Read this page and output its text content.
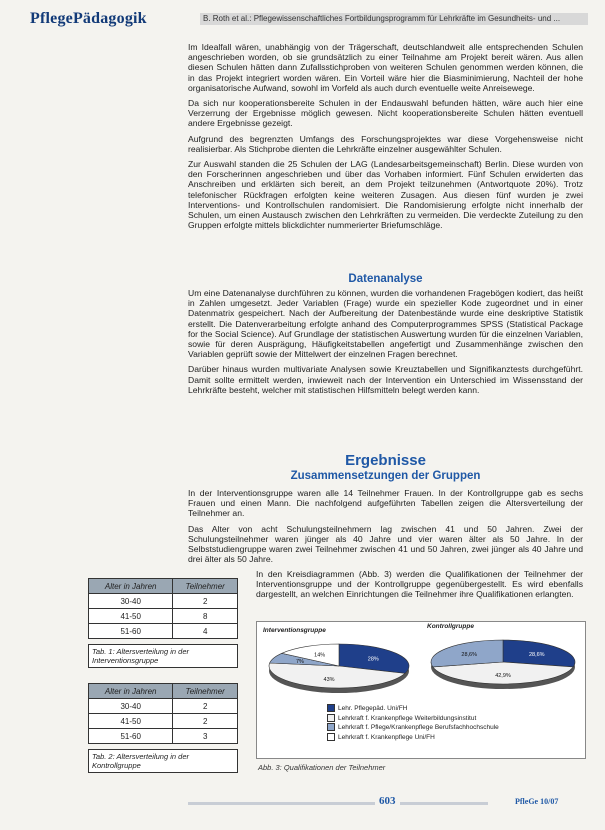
PflegePädagogik	B. Roth et al.: Pflegewissenschaftliches Fortbildungsprogramm für Lehrkräfte im Gesundheits- und ...

Im Idealfall wären, unabhängig von der Trägerschaft, deutschlandweit alle entsprechenden Schulen angeschrieben worden, ob sie grundsätzlich zu einer Teilnahme am Projekt bereit wären. Aus allen diesen Schulen hätten dann Zufallsstichproben von weiteren Schulen genommen werden können, die in das Projekt integriert worden wären. Ein Vorteil wäre hier die Biasminimierung, Nachteil der hohe organisatorische Aufwand, sowohl im Vorfeld als auch durch eventuelle weite Anreisewege.

Da sich nur kooperationsbereite Schulen in der Endauswahl befunden hätten, wäre auch hier eine Verzerrung der Ergebnisse möglich gewesen. Nicht kooperationsbereite Schulen hätten eventuell andere Ergebnisse gezeigt.

Aufgrund des begrenzten Umfangs des Forschungsprojektes war diese Vorgehensweise nicht realisierbar. Als Stichprobe dienten die Lehrkräfte einzelner ausgewählter Schulen.

Zur Auswahl standen die 25 Schulen der LAG (Landesarbeitsgemeinschaft) Berlin. Diese wurden von den Forscherinnen angeschrieben und über das Vorhaben informiert. Fünf Schulen erwiderten das Anschreiben und erklärten sich bereit, an dem Projekt teilzunehmen (Antwortquote 20%). Trotz telefonischer Rückfragen erfolgten keine weiteren Zusagen. Aus diesen fünf wurden je zwei Interventions- und Kontrollschulen randomisiert. Die Randomisierung erfolgte nicht innerhalb der Schulen, um einen Austausch zwischen den Lehrkräften zu vermeiden. Die verdeckte Zuteilung zu den Gruppen erfolgte mittels blickdichter nummerierter Briefumschläge.

Datenanalyse

Um eine Datenanalyse durchführen zu können, wurden die vorhandenen Fragebögen kodiert, das heißt in Zahlen umgesetzt. Jeder Variablen (Frage) wurde ein spezieller Kode zugeordnet und in einer Datenmatrix gespeichert. Nach der Aufbereitung der Datenbestände wurde eine deskriptive Statistik erstellt. Die Datenverarbeitung erfolgte anhand des Computerprogrammes SPSS (Statistical Package for the Social Science). Auf Grundlage der statistischen Auswertung wurden für die einzelnen Variablen, sowie für deren Ausprägung, Häufigkeitstabellen angefertigt und Zusammenhänge zwischen den Variablen geprüft sowie der Mittelwert der einzelnen Fragen berechnet.

Darüber hinaus wurden multivariate Analysen sowie Kreuztabellen und Signifikanztests durchgeführt. Damit sollte ermittelt werden, inwieweit nach der Intervention ein Unterschied im Wissensstand der Lehrkräfte besteht, welcher mit statistischen Hilfsmitteln belegt werden kann.

Ergebnisse
Zusammensetzungen der Gruppen

In der Interventionsgruppe waren alle 14 Teilnehmer Frauen. In der Kontrollgruppe gab es sechs Frauen und einen Mann. Die nachfolgend aufgeführten Tabellen zeigen die Altersverteilung der Teilnehmer an.

Das Alter von acht Schulungsteilnehmern lag zwischen 41 und 50 Jahren. Zwei der Schulungsteilnehmer waren jünger als 40 Jahre und vier waren älter als 50 Jahre. In der Selbststudiengruppe waren zwei Teilnehmer zwischen 41 und 50 Jahren, zwei jünger als 40 Jahre und drei älter als 50 Jahre.

In den Kreisdiagrammen (Abb. 3) werden die Qualifikationen der Teilnehmer der Interventionsgruppe und der Kontrollgruppe gegenübergestellt. Es wird ebenfalls dargestellt, an welchen Einrichtungen die Teilnehmer ihre Qualifikationen erlangten.

Alter in Jahren	Teilnehmer
30-40	2
41-50	8
51-60	4
Tab. 1: Altersverteilung in der Interventionsgruppe
Alter in Jahren	Teilnehmer
30-40	2
41-50	2
51-60	3
Tab. 2: Altersverteilung in der Kontrollgruppe
Interventionsgruppe
28%
43%
7%
14%
Kontrollgruppe
28,6%
42,9%
28,6%
Lehr. Pflegepäd. Uni/FH
Lehrkraft f. Krankenpflege Weiterbildungsinstitut
Lehrkraft f. Pflege/Krankenpflege Berufsfachhochschule
Lehrkraft f. Krankenpflege Uni/FH
Abb. 3: Qualifikationen der Teilnehmer
603	PfleGe 10/07
